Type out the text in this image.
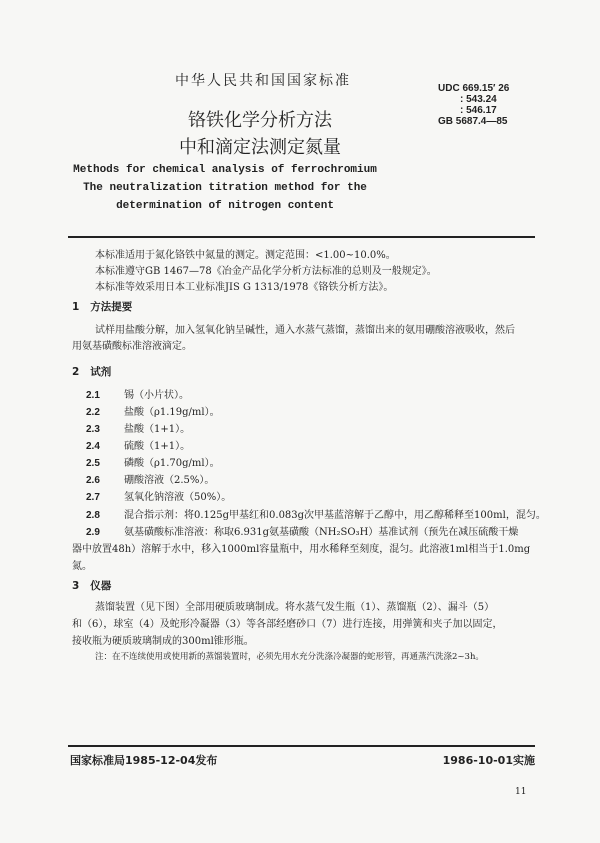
中华人民共和国国家标准	UDC 669.15′ 26
: 543.24
: 546.17
GB 5687.4—85
铬铁化学分析方法
中和滴定法测定氮量
Methods for chemical analysis of ferrochromium
The neutralization titration method for the
determination of nitrogen content
本标准适用于氮化铬铁中氮量的测定。测定范围：<1.00~10.0%。
本标准遵守GB 1467—78《冶金产品化学分析方法标准的总则及一般规定》。
本标准等效采用日本工业标准JIS G 1313/1978《铬铁分析方法》。
1 方法提要
试样用盐酸分解，加入氢氧化钠呈碱性，通入水蒸气蒸馏，蒸馏出来的氨用硼酸溶液吸收，然后
用氨基磺酸标准溶液滴定。
2 试剂
2.1 锡（小片状）。
2.2 盐酸（ρ1.19g/ml）。
2.3 盐酸（1+1）。
2.4 硫酸（1+1）。
2.5 磷酸（ρ1.70g/ml）。
2.6 硼酸溶液（2.5%）。
2.7 氢氧化钠溶液（50%）。
2.8 混合指示剂：将0.125g甲基红和0.083g次甲基蓝溶解于乙醇中，用乙醇稀释至100ml，混匀。
2.9 氨基磺酸标准溶液：称取6.931g氨基磺酸（NH₂SO₃H）基准试剂（预先在减压硫酸干燥
器中放置48h）溶解于水中，移入1000ml容量瓶中，用水稀释至刻度，混匀。此溶液1ml相当于1.0mg
氮。
3 仪器
蒸馏装置（见下图）全部用硬质玻璃制成。将水蒸气发生瓶（1）、蒸馏瓶（2）、漏斗（5）
和（6），球室（4）及蛇形冷凝器（3）等各部经磨砂口（7）进行连接，用弹簧和夹子加以固定，
接收瓶为硬质玻璃制成的300ml锥形瓶。
注：在不连续使用或使用新的蒸馏装置时，必须先用水充分洗涤冷凝器的蛇形管，再通蒸汽洗涤2~3h。
国家标准局1985-12-04发布	1986-10-01实施
11
